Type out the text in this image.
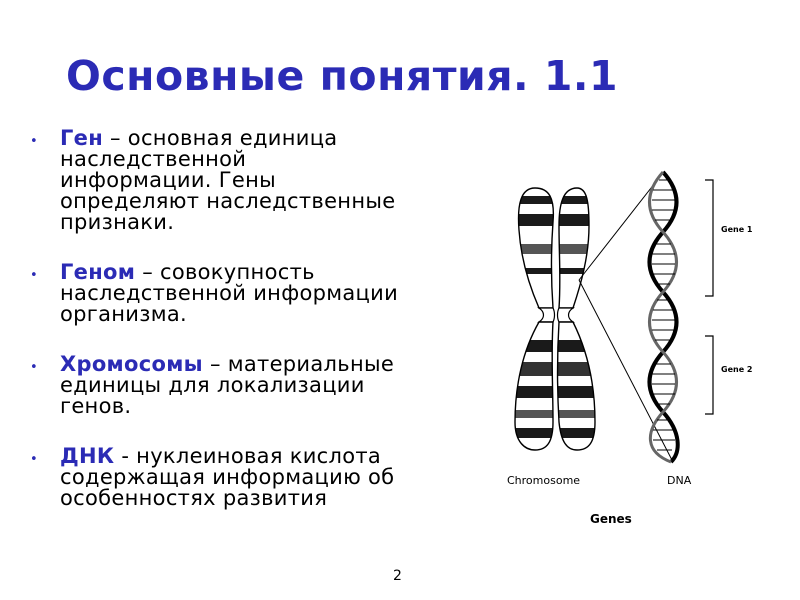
Основные понятия. 1.1
• Ген – основная единица
наследственной
информации. Гены
определяют наследственные
признаки.
• Геном – совокупность
наследственной информации
организма.
• Хромосомы – материальные
единицы для локализации
генов.
• ДНК - нуклеиновая кислота
содержащая информацию об
особенностях развития
2
Gene 1
Gene 2
Chromosome	DNA
Genes
